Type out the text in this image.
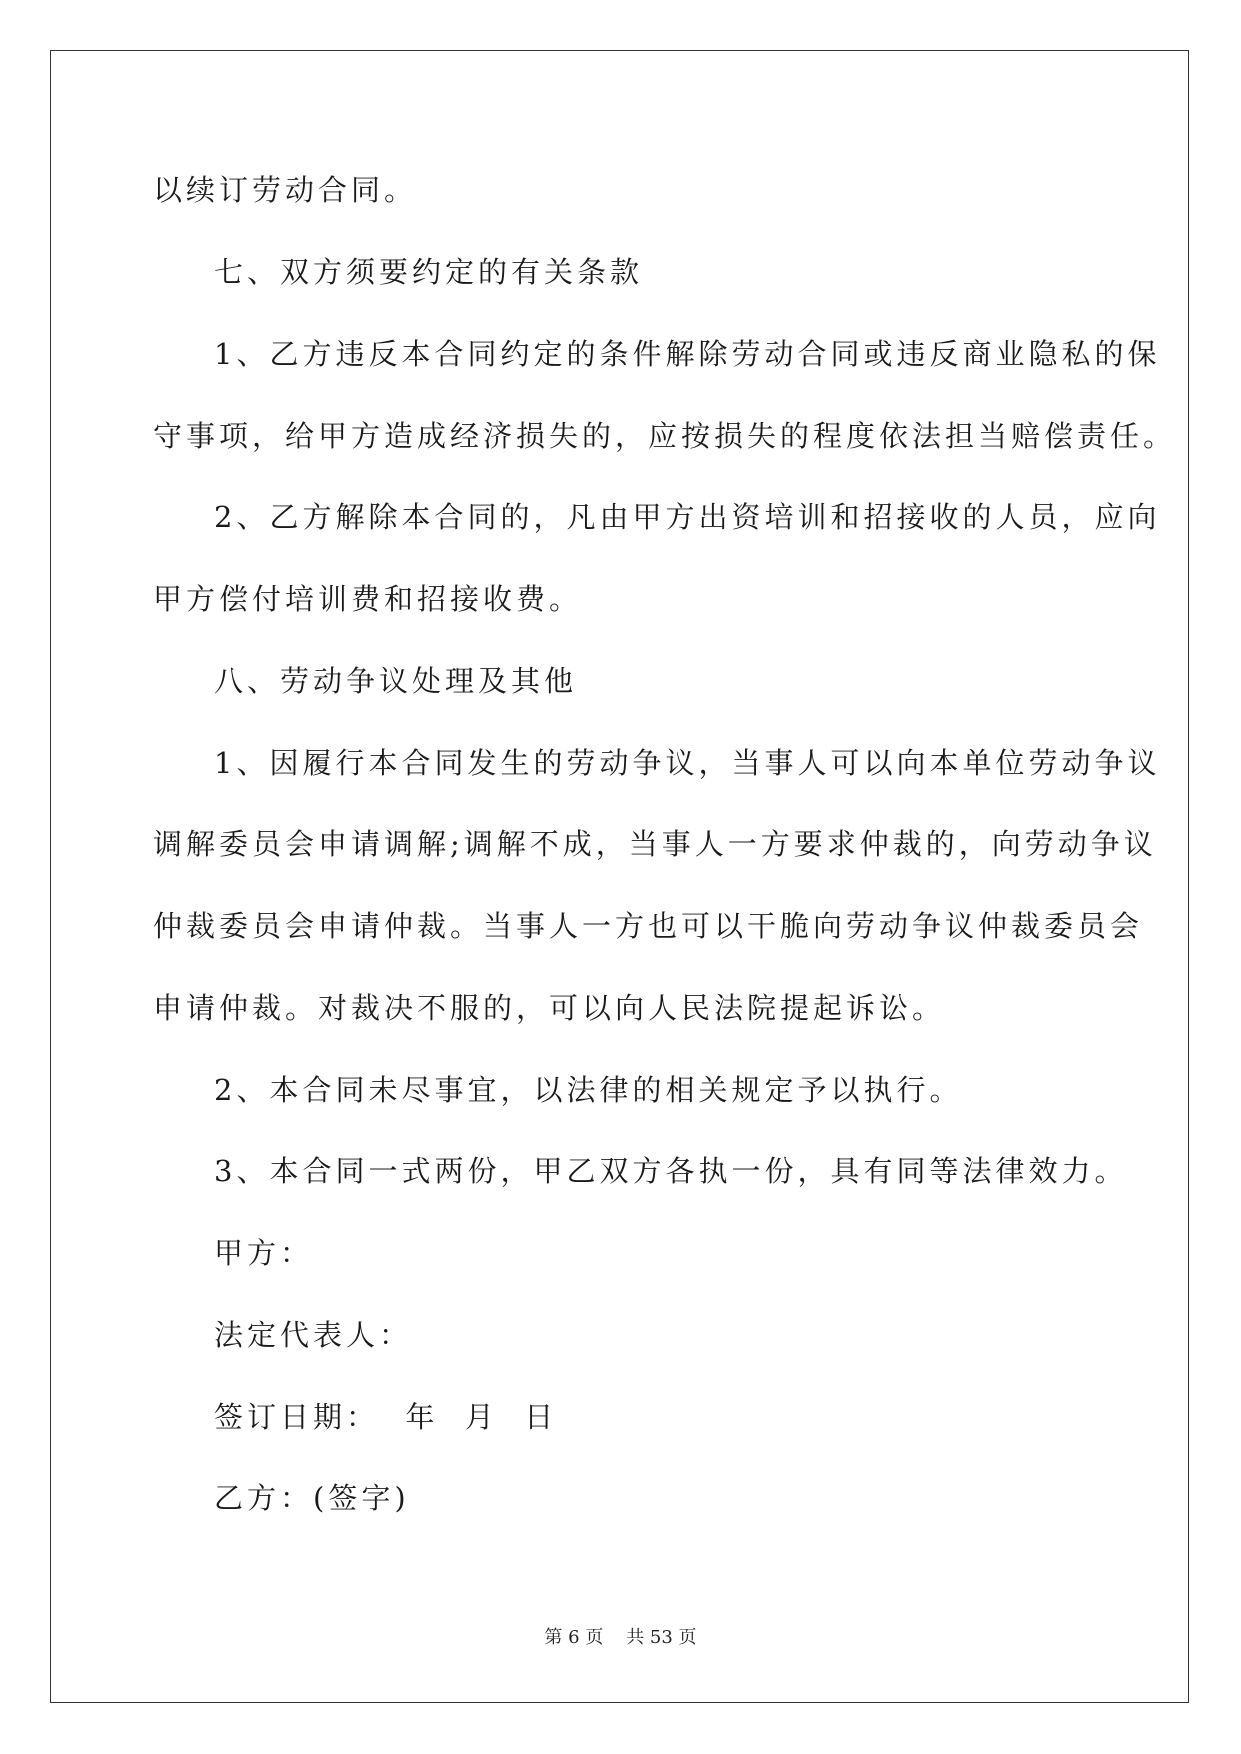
以续订劳动合同。
七、双方须要约定的有关条款
1、乙方违反本合同约定的条件解除劳动合同或违反商业隐私的保
守事项，给甲方造成经济损失的，应按损失的程度依法担当赔偿责任。
2、乙方解除本合同的，凡由甲方出资培训和招接收的人员，应向
甲方偿付培训费和招接收费。
八、劳动争议处理及其他
1、因履行本合同发生的劳动争议，当事人可以向本单位劳动争议
调解委员会申请调解;调解不成，当事人一方要求仲裁的，向劳动争议
仲裁委员会申请仲裁。当事人一方也可以干脆向劳动争议仲裁委员会
申请仲裁。对裁决不服的，可以向人民法院提起诉讼。
2、本合同未尽事宜，以法律的相关规定予以执行。
3、本合同一式两份，甲乙双方各执一份，具有同等法律效力。
甲方：
法定代表人：
签订日期：  年  月  日
乙方：(签字)
第 6 页    共 53 页
